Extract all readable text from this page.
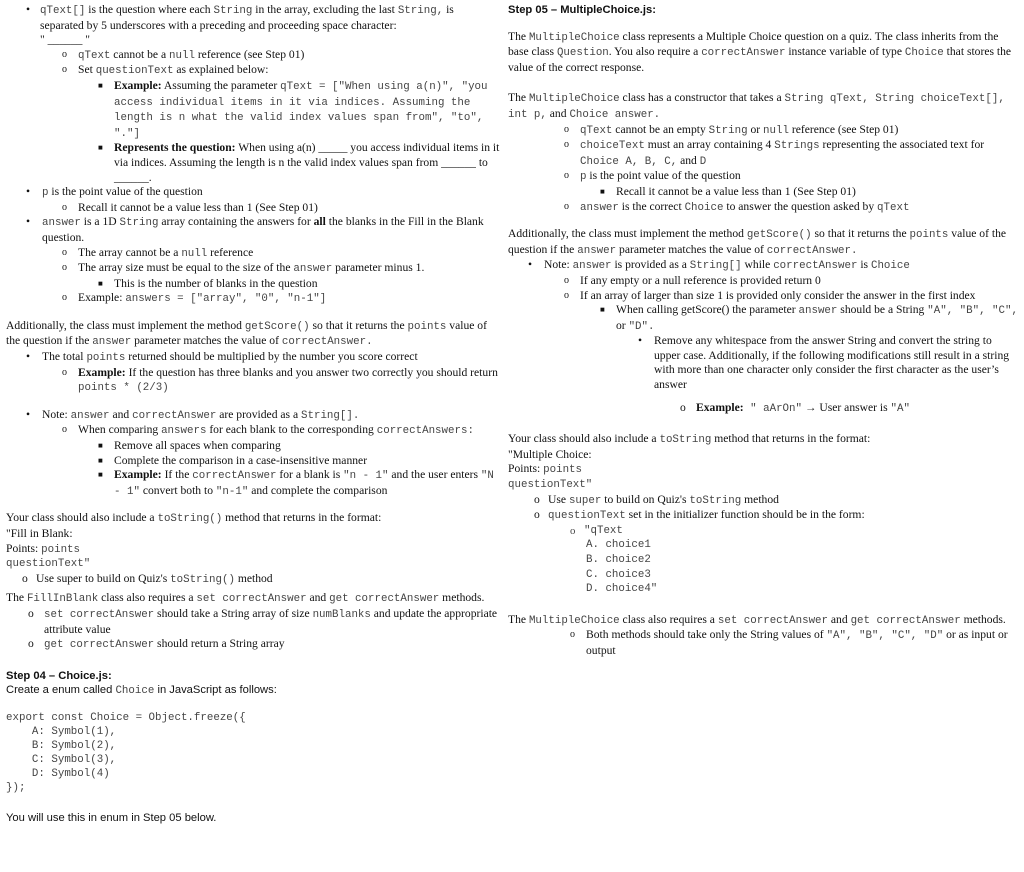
• qText[] is the question where each String in the array, excluding the last String, is separated by 5 underscores with a preceding and proceeding space character:
" ______ "
o qText cannot be a null reference (see Step 01)
o Set questionText as explained below:
■ Example: Assuming the parameter qText = ["When using a(n)", "you access individual items in it via indices. Assuming the length is n what the valid index values span from", "to", "."]
■ Represents the question: When using a(n) _____ you access individual items in it via indices. Assuming the length is n the valid index values span from ______ to ______.
• p is the point value of the question
o Recall it cannot be a value less than 1 (See Step 01)
• answer is a 1D String array containing the answers for all the blanks in the Fill in the Blank question.
o The array cannot be a null reference
o The array size must be equal to the size of the answer parameter minus 1.
■ This is the number of blanks in the question
o Example: answers = ["array", "0", "n-1"]
Additionally, the class must implement the method getScore() so that it returns the points value of the question if the answer parameter matches the value of correctAnswer.
• The total points returned should be multiplied by the number you score correct
o Example: If the question has three blanks and you answer two correctly you should return points * (2/3)
• Note: answer and correctAnswer are provided as a String[].
o When comparing answers for each blank to the corresponding correctAnswers:
■ Remove all spaces when comparing
■ Complete the comparison in a case-insensitive manner
■ Example: If the correctAnswer for a blank is "n - 1" and the user enters "N - 1" convert both to "n-1" and complete the comparison
Your class should also include a toString() method that returns in the format:
"Fill in Blank:
Points: points
questionText"
o Use super to build on Quiz's toString() method
The FillInBlank class also requires a set correctAnswer and get correctAnswer methods.
o set correctAnswer should take a String array of size numBlanks and update the appropriate attribute value
o get correctAnswer should return a String array
Step 04 – Choice.js:
Create a enum called Choice in JavaScript as follows:
export const Choice = Object.freeze({
A: Symbol(1),
B: Symbol(2),
C: Symbol(3),
D: Symbol(4)
});
You will use this in enum in Step 05 below.
Step 05 – MultipleChoice.js:
The MultipleChoice class represents a Multiple Choice question on a quiz. The class inherits from the base class Question. You also require a correctAnswer instance variable of type Choice that stores the value of the correct response.
The MultipleChoice class has a constructor that takes a String qText, String choiceText[], int p, and Choice answer.
o qText cannot be an empty String or null reference (see Step 01)
o choiceText must an array containing 4 Strings representing the associated text for Choice A, B, C, and D
o p is the point value of the question
■ Recall it cannot be a value less than 1 (See Step 01)
o answer is the correct Choice to answer the question asked by qText
Additionally, the class must implement the method getScore() so that it returns the points value of the question if the answer parameter matches the value of correctAnswer.
• Note: answer is provided as a String[] while correctAnswer is Choice
o If any empty or a null reference is provided return 0
o If an array of larger than size 1 is provided only consider the answer in the first index
■ When calling getScore() the parameter answer should be a String "A", "B", "C", or "D".
• Remove any whitespace from the answer String and convert the string to upper case. Additionally, if the following modifications still result in a string with more than one character only consider the first character as the user’s answer
o Example: " aArOn" → User answer is "A"
Your class should also include a toString method that returns in the format:
"Multiple Choice:
Points: points
questionText"
o Use super to build on Quiz's toString method
o questionText set in the initializer function should be in the form:
o "qText
A. choice1
B. choice2
C. choice3
D. choice4"
The MultipleChoice class also requires a set correctAnswer and get correctAnswer methods.
o Both methods should take only the String values of "A", "B", "C", "D" or as input or output
